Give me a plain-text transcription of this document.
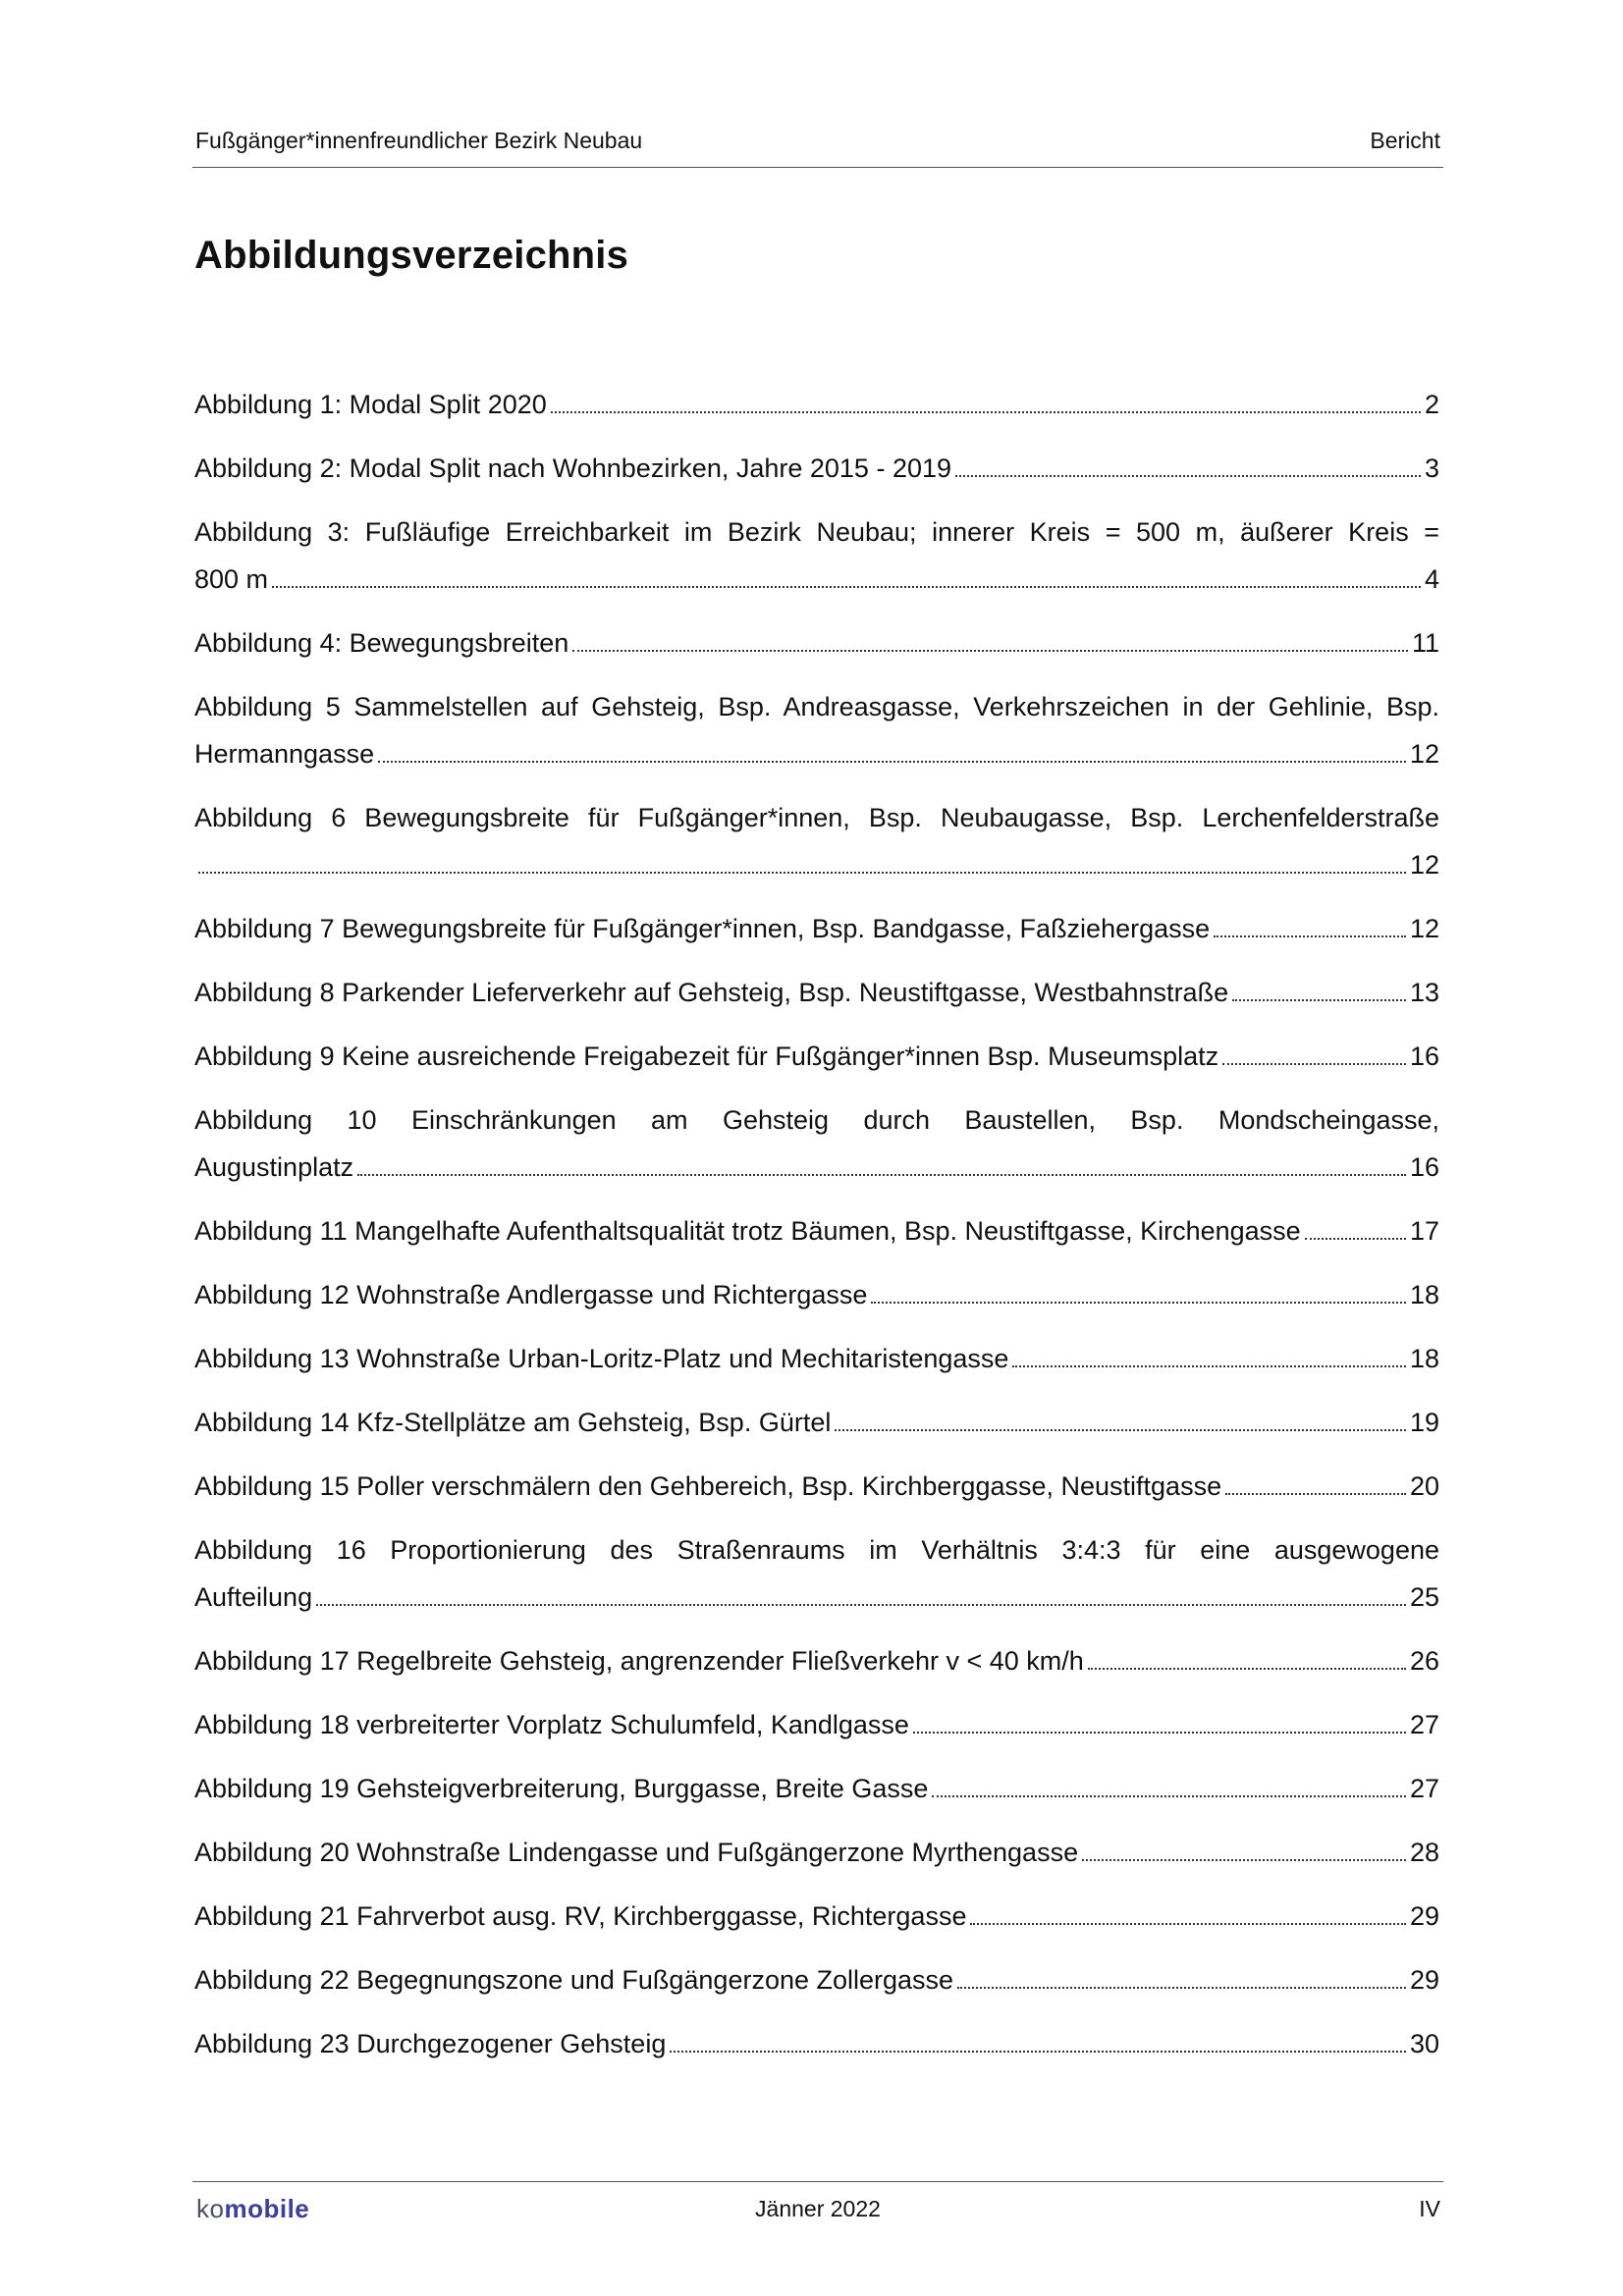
Fußgänger*innenfreundlicher Bezirk Neubau	Bericht
Abbildungsverzeichnis
Abbildung 1: Modal Split 2020	2
Abbildung 2: Modal Split nach Wohnbezirken, Jahre 2015 - 2019	3
Abbildung 3: Fußläufige Erreichbarkeit im Bezirk Neubau; innerer Kreis = 500 m, äußerer Kreis =
800 m	4
Abbildung 4: Bewegungsbreiten	11
Abbildung 5 Sammelstellen auf Gehsteig, Bsp. Andreasgasse, Verkehrszeichen in der Gehlinie, Bsp.
Hermanngasse	12
Abbildung 6 Bewegungsbreite für Fußgänger*innen, Bsp. Neubaugasse, Bsp. Lerchenfelderstraße
12
Abbildung 7 Bewegungsbreite für Fußgänger*innen, Bsp. Bandgasse, Faßziehergasse	12
Abbildung 8 Parkender Lieferverkehr auf Gehsteig, Bsp. Neustiftgasse, Westbahnstraße	13
Abbildung 9 Keine ausreichende Freigabezeit für Fußgänger*innen Bsp. Museumsplatz	16
Abbildung 10 Einschränkungen am Gehsteig durch Baustellen, Bsp. Mondscheingasse,
Augustinplatz	16
Abbildung 11 Mangelhafte Aufenthaltsqualität trotz Bäumen, Bsp. Neustiftgasse, Kirchengasse	17
Abbildung 12 Wohnstraße Andlergasse und Richtergasse	18
Abbildung 13 Wohnstraße Urban-Loritz-Platz und Mechitaristengasse	18
Abbildung 14 Kfz-Stellplätze am Gehsteig, Bsp. Gürtel	19
Abbildung 15 Poller verschmälern den Gehbereich, Bsp. Kirchberggasse, Neustiftgasse	20
Abbildung 16 Proportionierung des Straßenraums im Verhältnis 3:4:3 für eine ausgewogene
Aufteilung	25
Abbildung 17 Regelbreite Gehsteig, angrenzender Fließverkehr v < 40 km/h	26
Abbildung 18 verbreiterter Vorplatz Schulumfeld, Kandlgasse	27
Abbildung 19 Gehsteigverbreiterung, Burggasse, Breite Gasse	27
Abbildung 20 Wohnstraße Lindengasse und Fußgängerzone Myrthengasse	28
Abbildung 21 Fahrverbot ausg. RV, Kirchberggasse, Richtergasse	29
Abbildung 22 Begegnungszone und Fußgängerzone Zollergasse	29
Abbildung 23 Durchgezogener Gehsteig	30
komobile	Jänner 2022	IV
